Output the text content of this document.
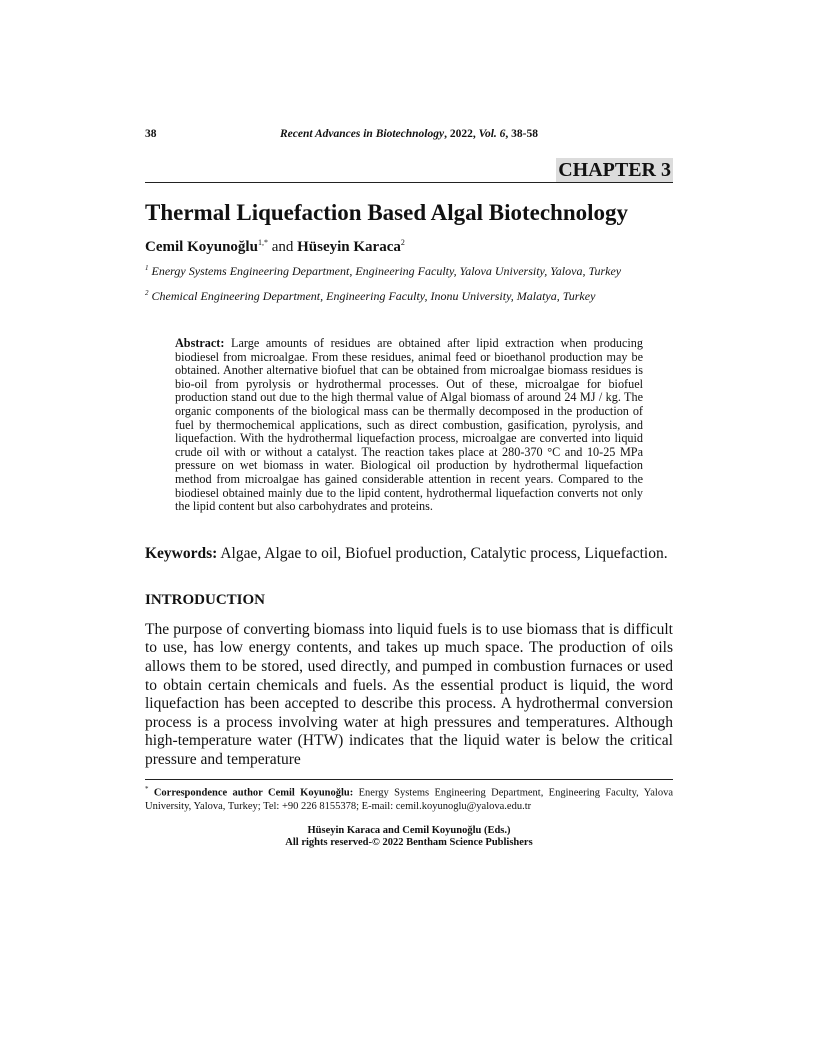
38	Recent Advances in Biotechnology, 2022, Vol. 6, 38-58
CHAPTER 3
Thermal Liquefaction Based Algal Biotechnology
Cemil Koyunoğlu$^{1,*}$ and Hüseyin Karaca$^2$
$^1$ Energy Systems Engineering Department, Engineering Faculty, Yalova University, Yalova, Turkey
$^2$ Chemical Engineering Department, Engineering Faculty, Inonu University, Malatya, Turkey
Abstract: Large amounts of residues are obtained after lipid extraction when producing biodiesel from microalgae. From these residues, animal feed or bioethanol production may be obtained. Another alternative biofuel that can be obtained from microalgae biomass residues is bio-oil from pyrolysis or hydrothermal processes. Out of these, microalgae for biofuel production stand out due to the high thermal value of Algal biomass of around 24 MJ / kg. The organic components of the biological mass can be thermally decomposed in the production of fuel by thermochemical applications, such as direct combustion, gasification, pyrolysis, and liquefaction. With the hydrothermal liquefaction process, microalgae are converted into liquid crude oil with or without a catalyst. The reaction takes place at 280-370 °C and 10-25 MPa pressure on wet biomass in water. Biological oil production by hydrothermal liquefaction method from microalgae has gained considerable attention in recent years. Compared to the biodiesel obtained mainly due to the lipid content, hydrothermal liquefaction converts not only the lipid content but also carbohydrates and proteins.
Keywords: Algae, Algae to oil, Biofuel production, Catalytic process, Liquefaction.
INTRODUCTION
The purpose of converting biomass into liquid fuels is to use biomass that is difficult to use, has low energy contents, and takes up much space. The production of oils allows them to be stored, used directly, and pumped in combustion furnaces or used to obtain certain chemicals and fuels. As the essential product is liquid, the word liquefaction has been accepted to describe this process. A hydrothermal conversion process is a process involving water at high pressures and temperatures. Although high-temperature water (HTW) indicates that the liquid water is below the critical pressure and temperature
* Correspondence author Cemil Koyunoğlu: Energy Systems Engineering Department, Engineering Faculty, Yalova University, Yalova, Turkey; Tel: +90 226 8155378; E-mail: cemil.koyunoglu@yalova.edu.tr
Hüseyin Karaca and Cemil Koyunoğlu (Eds.)
All rights reserved-© 2022 Bentham Science Publishers
